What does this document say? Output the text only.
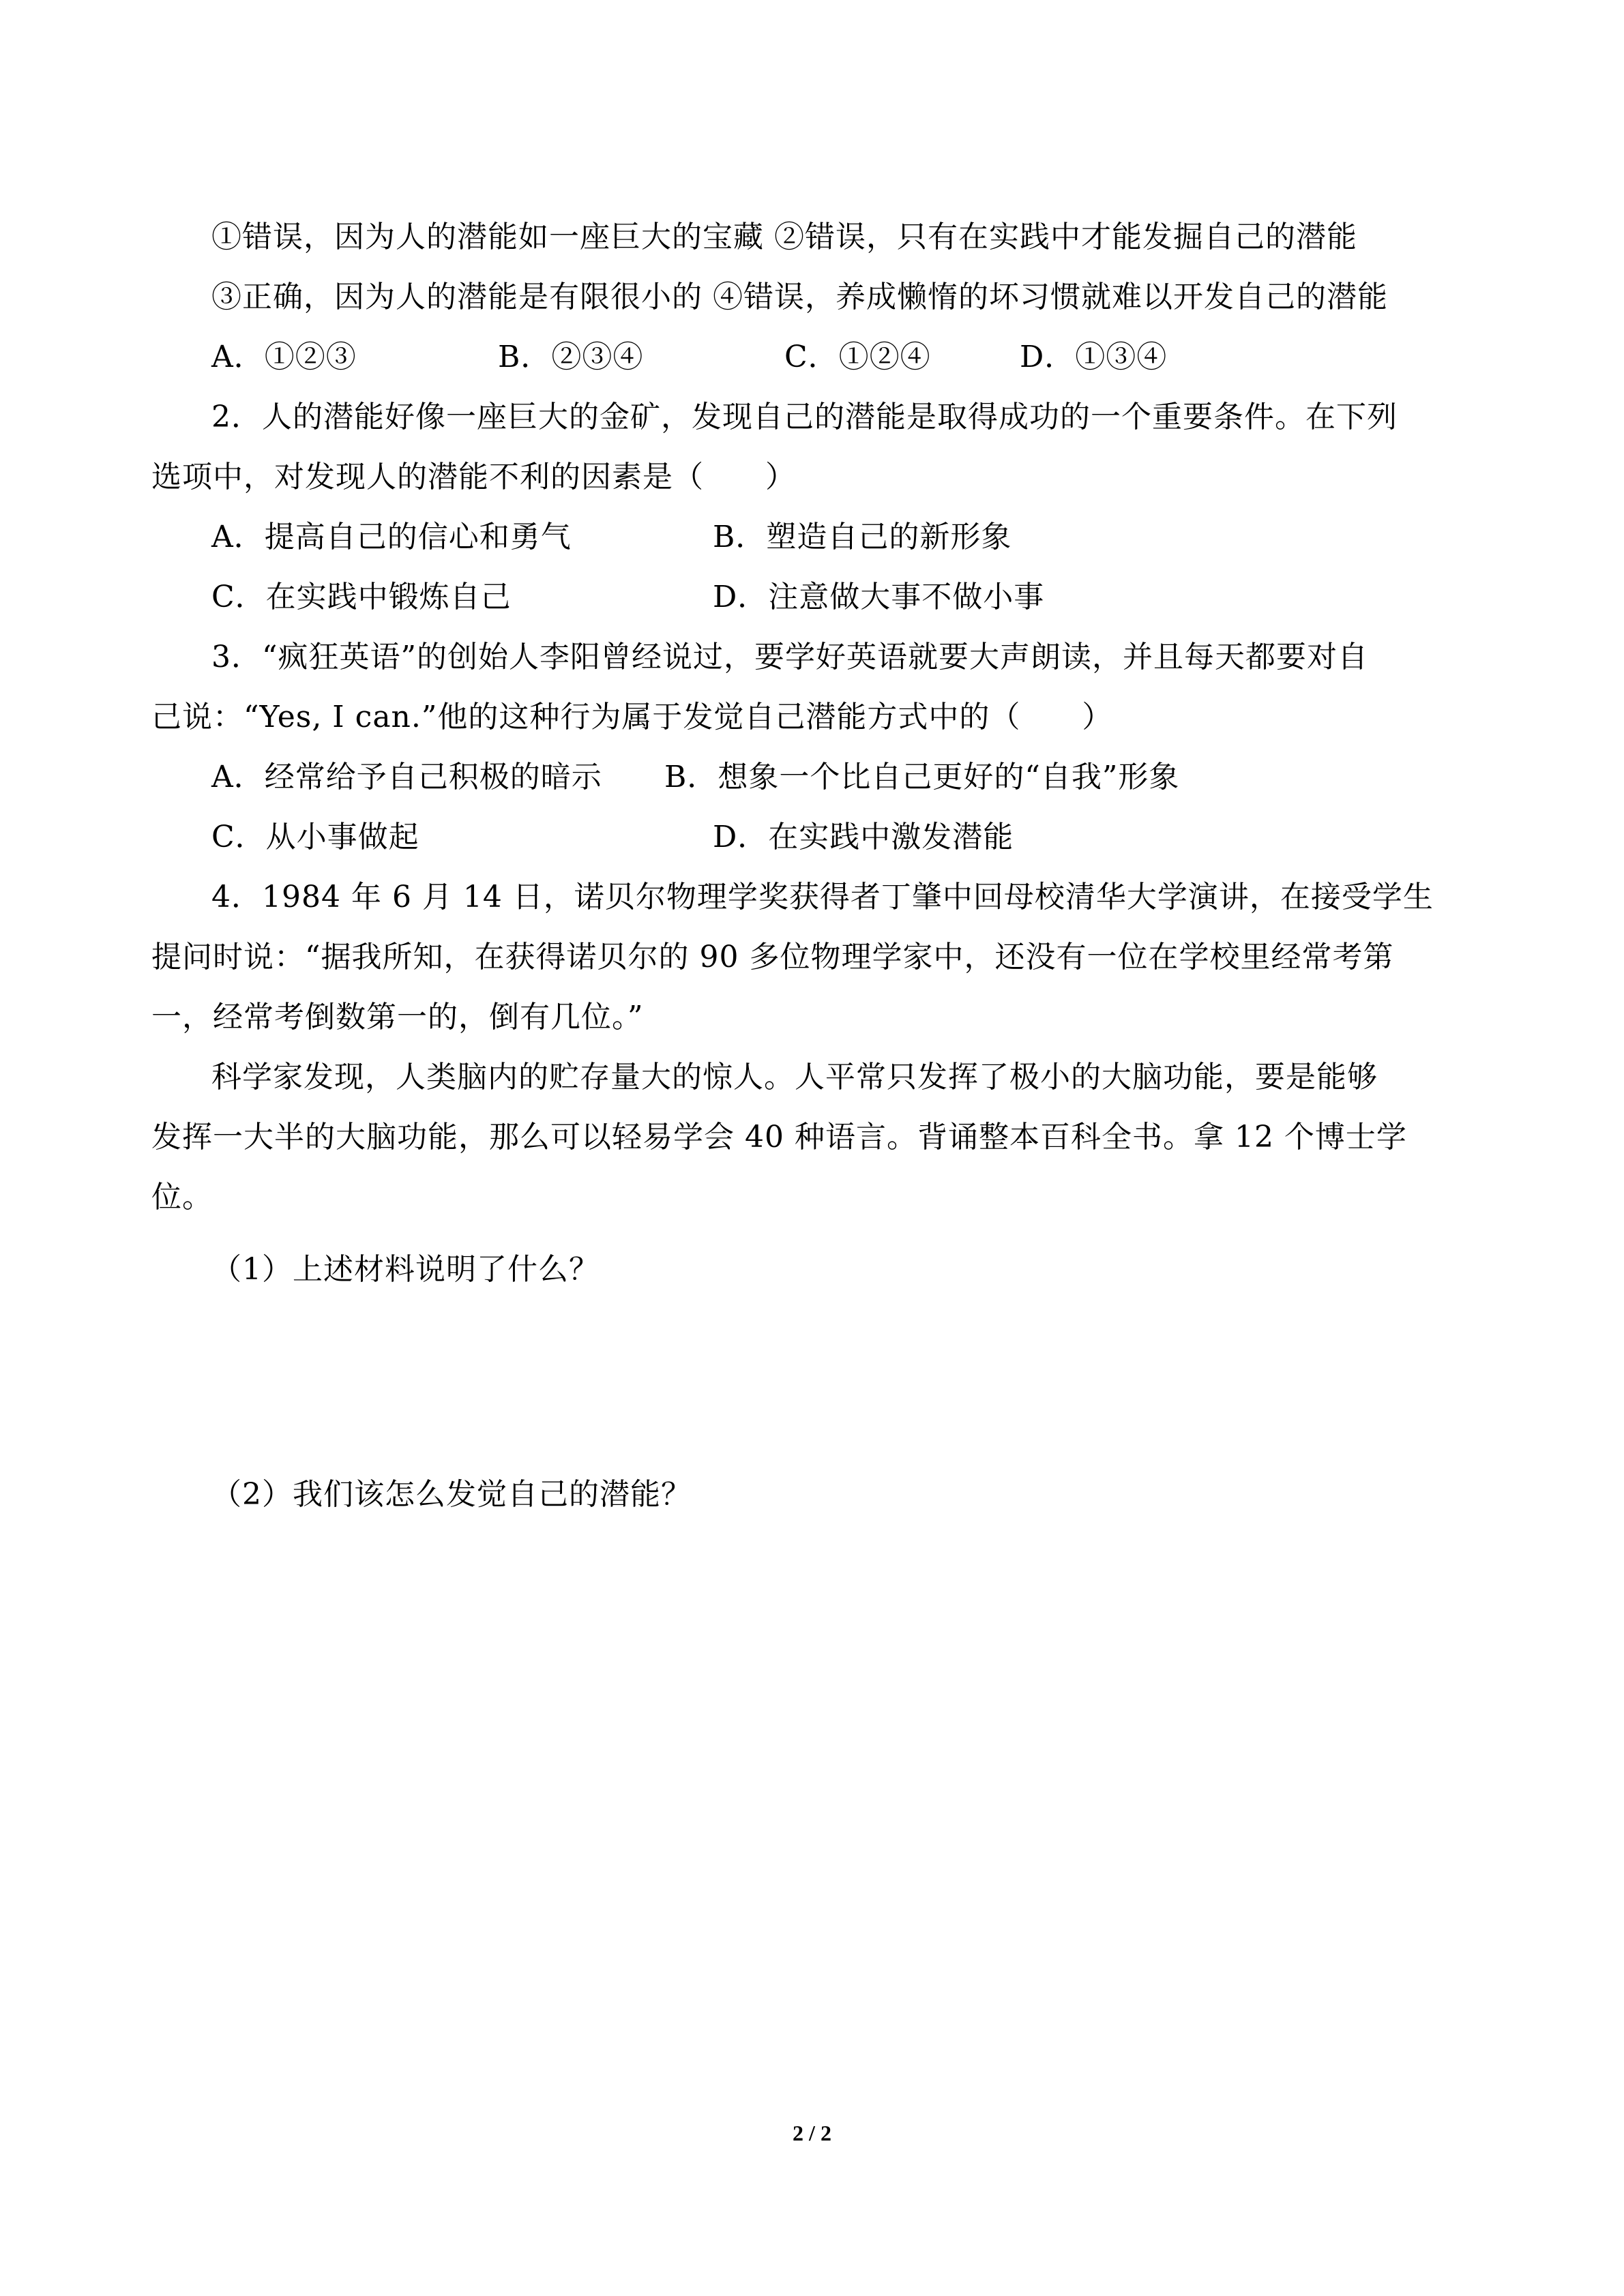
①错误，因为人的潜能如一座巨大的宝藏 ②错误，只有在实践中才能发掘自己的潜能
③正确，因为人的潜能是有限很小的 ④错误，养成懒惰的坏习惯就难以开发自己的潜能
A．①②③	B．②③④	C．①②④	D．①③④
2．人的潜能好像一座巨大的金矿，发现自己的潜能是取得成功的一个重要条件。在下列
选项中，对发现人的潜能不利的因素是（　　）
A．提高自己的信心和勇气	B．塑造自己的新形象
C．在实践中锻炼自己	D．注意做大事不做小事
3．“疯狂英语”的创始人李阳曾经说过，要学好英语就要大声朗读，并且每天都要对自
己说：“Yes, I can.”他的这种行为属于发觉自己潜能方式中的（　　）
A．经常给予自己积极的暗示	B．想象一个比自己更好的“自我”形象
C．从小事做起	D．在实践中激发潜能
4．1984 年 6 月 14 日，诺贝尔物理学奖获得者丁肇中回母校清华大学演讲，在接受学生
提问时说：“据我所知，在获得诺贝尔的 90 多位物理学家中，还没有一位在学校里经常考第
一，经常考倒数第一的，倒有几位。”
科学家发现，人类脑内的贮存量大的惊人。人平常只发挥了极小的大脑功能，要是能够
发挥一大半的大脑功能，那么可以轻易学会 40 种语言。背诵整本百科全书。拿 12 个博士学
位。
（1）上述材料说明了什么？
（2）我们该怎么发觉自己的潜能？
2 / 2
